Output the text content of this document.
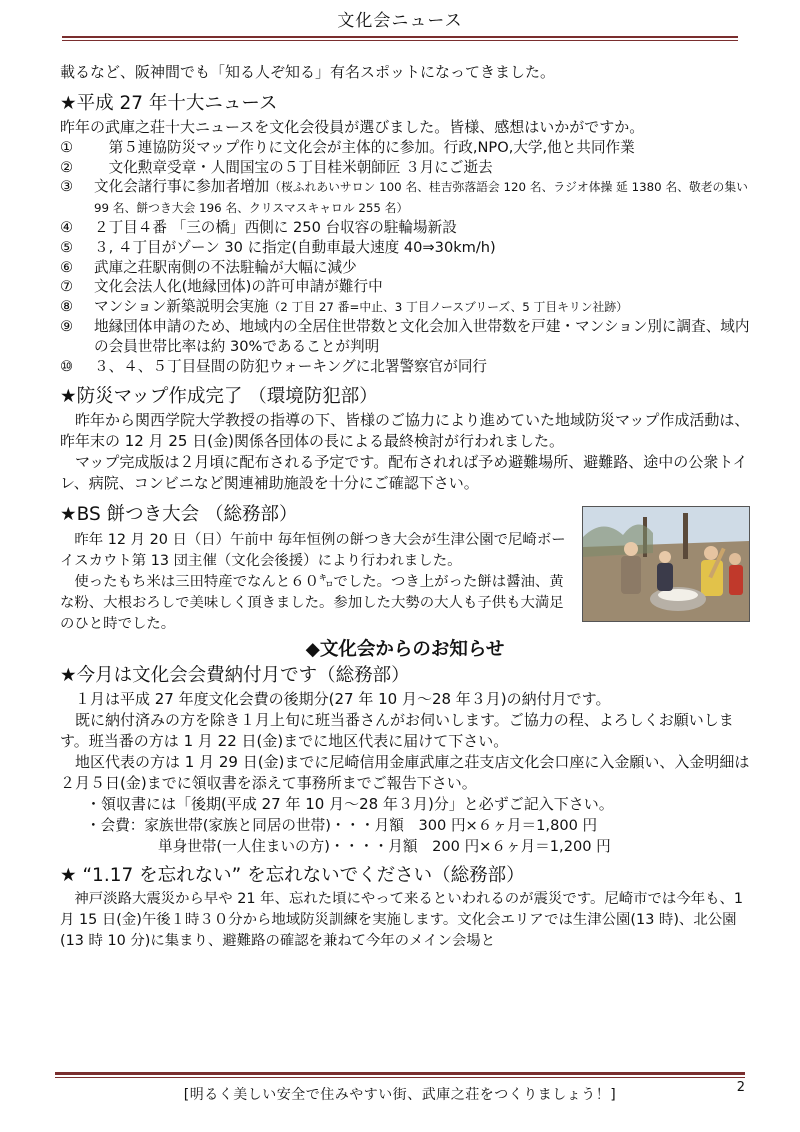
文化会ニュース

載るなど、阪神間でも「知る人ぞ知る」有名スポットになってきました。

★平成 27 年十大ニュース

昨年の武庫之荘十大ニュースを文化会役員が選びました。皆様、感想はいかがですか。

①	　第５連協防災マップ作りに文化会が主体的に参加。行政,NPO,大学,他と共同作業
②	　文化勲章受章・人間国宝の５丁目桂米朝師匠 ３月にご逝去
③	文化会諸行事に参加者増加（桜ふれあいサロン 100 名、桂吉弥落語会 120 名、ラジオ体操 延 1380 名、敬老の集い 99 名、餅つき大会 196 名、クリスマスキャロル 255 名）
④	２丁目４番 「三の橋」西側に 250 台収容の駐輪場新設
⑤	３, ４丁目がゾーン 30 に指定(自動車最大速度 40⇒30km/h)
⑥	武庫之荘駅南側の不法駐輪が大幅に減少
⑦	文化会法人化(地縁団体)の許可申請が難行中
⑧	マンション新築説明会実施（2 丁目 27 番=中止、3 丁目ノースブリーズ、5 丁目キリン社跡）
⑨	地縁団体申請のため、地域内の全居住世帯数と文化会加入世帯数を戸建・マンション別に調査、域内の会員世帯比率は約 30%であることが判明
⑩	３、４、５丁目昼間の防犯ウォーキングに北署警察官が同行
★防災マップ作成完了 （環境防犯部）

昨年から関西学院大学教授の指導の下、皆様のご協力により進めていた地域防災マップ作成活動は、昨年末の 12 月 25 日(金)関係各団体の長による最終検討が行われました。

マップ完成版は２月頃に配布される予定です。配布されれば予め避難場所、避難路、途中の公衆トイレ、病院、コンビニなど関連補助施設を十分にご確認下さい。

★BS 餅つき大会 （総務部）

昨年 12 月 20 日（日）午前中 毎年恒例の餅つき大会が生津公園で尼崎ボーイスカウト第 13 団主催（文化会後援）により行われました。

使ったもち米は三田特産でなんと６０㌔でした。つき上がった餅は醤油、黄な粉、大根おろしで美味しく頂きました。参加した大勢の大人も子供も大満足のひと時でした。

◆文化会からのお知らせ
★今月は文化会会費納付月です（総務部）

１月は平成 27 年度文化会費の後期分(27 年 10 月～28 年３月)の納付月です。

既に納付済みの方を除き１月上旬に班当番さんがお伺いします。ご協力の程、よろしくお願いします。班当番の方は 1 月 22 日(金)までに地区代表に届けて下さい。

地区代表の方は 1 月 29 日(金)までに尼崎信用金庫武庫之荘支店文化会口座に入金願い、入金明細は２月５日(金)までに領収書を添えて事務所までご報告下さい。

・領収書には「後期(平成 27 年 10 月～28 年３月)分」と必ずご記入下さい。

・会費：家族世帯(家族と同居の世帯)・・・月額　300 円×６ヶ月＝1,800 円
単身世帯(一人住まいの方)・・・・月額　200 円×６ヶ月＝1,200 円
★ “1.17 を忘れない” を忘れないでください（総務部）

神戸淡路大震災から早や 21 年、忘れた頃にやって来るといわれるのが震災です。尼崎市では今年も、1 月 15 日(金)午後１時３０分から地域防災訓練を実施します。文化会エリアでは生津公園(13 時)、北公園(13 時 10 分)に集まり、避難路の確認を兼ねて今年のメイン会場と

[明るく美しい安全で住みやすい街、武庫之荘をつくりましょう！]	2
